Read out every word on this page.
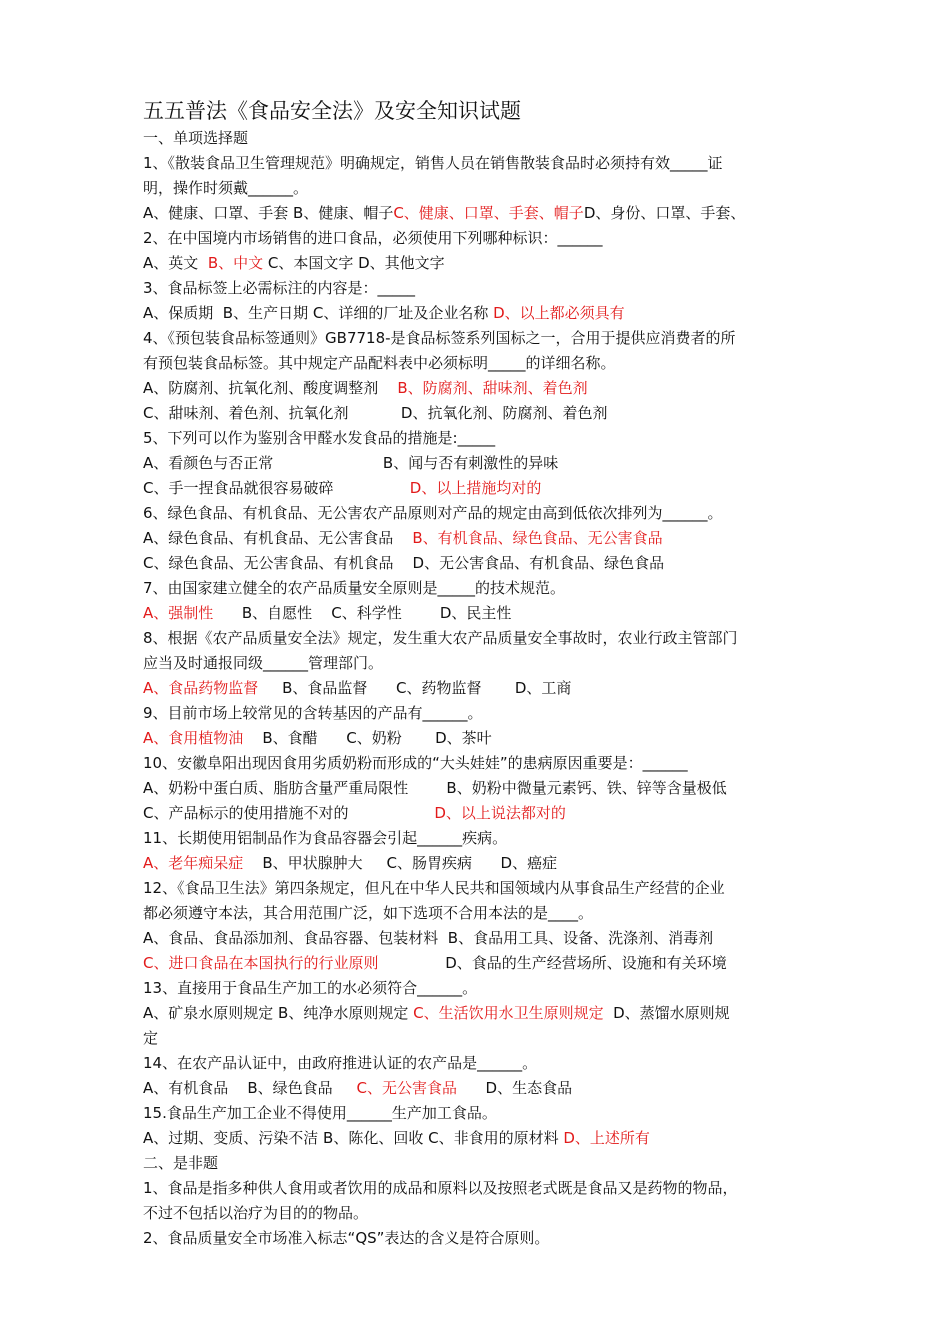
五五普法《食品安全法》及安全知识试题
一、单项选择题
1、《散装食品卫生管理规范》明确规定，销售人员在销售散装食品时必须持有效_____证
明，操作时须戴______。
A、健康、口罩、手套 B、健康、帽子C、健康、口罩、手套、帽子D、身份、口罩、手套、
2、在中国境内市场销售的进口食品，必须使用下列哪种标识：______
A、英文  B、中文 C、本国文字 D、其他文字
3、食品标签上必需标注的内容是：_____
A、保质期  B、生产日期 C、详细的厂址及企业名称 D、以上都必须具有
4、《预包装食品标签通则》GB7718-是食品标签系列国标之一，合用于提供应消费者的所
有预包装食品标签。其中规定产品配料表中必须标明_____的详细名称。
A、防腐剂、抗氧化剂、酸度调整剂    B、防腐剂、甜味剂、着色剂
C、甜味剂、着色剂、抗氧化剂           D、抗氧化剂、防腐剂、着色剂
5、下列可以作为鉴别含甲醛水发食品的措施是:_____
A、看颜色与否正常                       B、闻与否有刺激性的异味
C、手一捏食品就很容易破碎                D、以上措施均对的
6、绿色食品、有机食品、无公害农产品原则对产品的规定由高到低依次排列为______。
A、绿色食品、有机食品、无公害食品    B、有机食品、绿色食品、无公害食品
C、绿色食品、无公害食品、有机食品    D、无公害食品、有机食品、绿色食品
7、由国家建立健全的农产品质量安全原则是_____的技术规范。
A、强制性      B、自愿性    C、科学性        D、民主性
8、根据《农产品质量安全法》规定，发生重大农产品质量安全事故时，农业行政主管部门
应当及时通报同级______管理部门。
A、食品药物监督     B、食品监督      C、药物监督       D、工商
9、目前市场上较常见的含转基因的产品有______。
A、食用植物油    B、食醋      C、奶粉       D、茶叶
10、安徽阜阳出现因食用劣质奶粉而形成的“大头娃娃”的患病原因重要是：______
A、奶粉中蛋白质、脂肪含量严重局限性        B、奶粉中微量元素钙、铁、锌等含量极低
C、产品标示的使用措施不对的                  D、以上说法都对的
11、长期使用铝制品作为食品容器会引起______疾病。
A、老年痴呆症    B、甲状腺肿大     C、肠胃疾病      D、癌症
12、《食品卫生法》第四条规定，但凡在中华人民共和国领域内从事食品生产经营的企业
都必须遵守本法，其合用范围广泛，如下选项不合用本法的是____。
A、食品、食品添加剂、食品容器、包装材料  B、食品用工具、设备、洗涤剂、消毒剂
C、进口食品在本国执行的行业原则              D、食品的生产经营场所、设施和有关环境
13、直接用于食品生产加工的水必须符合______。
A、矿泉水原则规定 B、纯净水原则规定 C、生活饮用水卫生原则规定  D、蒸馏水原则规
定
14、在农产品认证中，由政府推进认证的农产品是______。
A、有机食品    B、绿色食品     C、无公害食品      D、生态食品
15.食品生产加工企业不得使用______生产加工食品。
A、过期、变质、污染不洁 B、陈化、回收 C、非食用的原材料 D、上述所有
二、是非题
1、食品是指多种供人食用或者饮用的成品和原料以及按照老式既是食品又是药物的物品，
不过不包括以治疗为目的的物品。
2、食品质量安全市场准入标志“QS”表达的含义是符合原则。
